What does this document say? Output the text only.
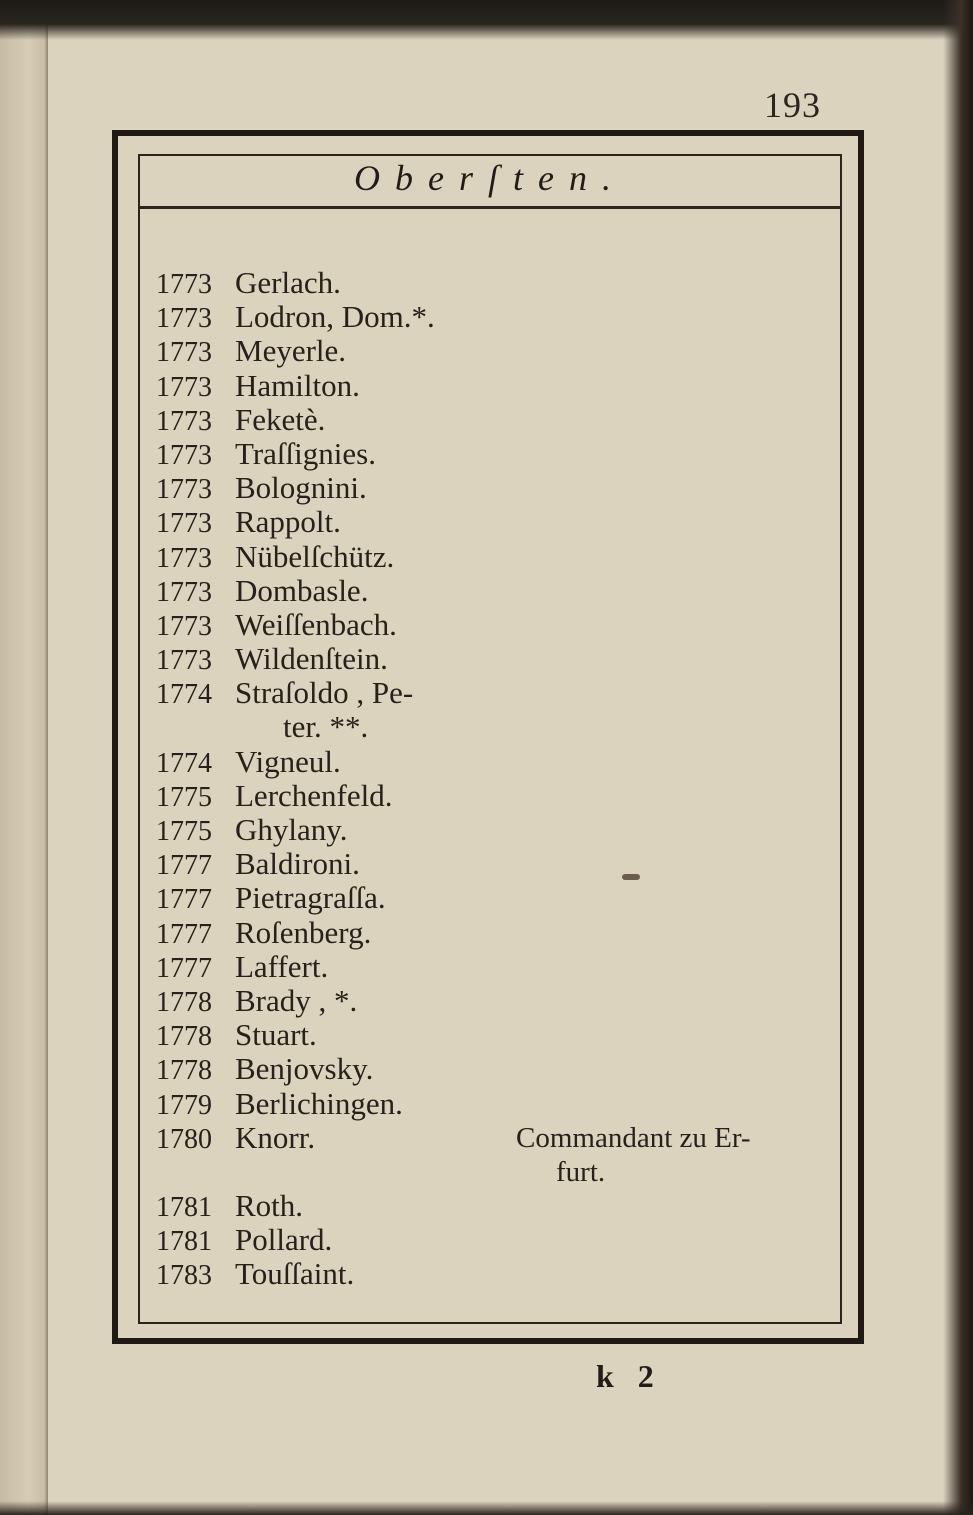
193
Oberſten.
1773 Gerlach.
1773 Lodron, Dom.*.
1773 Meyerle.
1773 Hamilton.
1773 Feketè.
1773 Traſſignies.
1773 Bolognini.
1773 Rappolt.
1773 Nübelſchütz.
1773 Dombasle.
1773 Weiſſenbach.
1773 Wildenſtein.
1774 Straſoldo , Pe-
ter. **.
1774 Vigneul.
1775 Lerchenfeld.
1775 Ghylany.
1777 Baldironi.
1777 Pietragraſſa.
1777 Roſenberg.
1777 Laffert.
1778 Brady , *.
1778 Stuart.
1778 Benjovsky.
1779 Berlichingen.
1780 Knorr.	Commandant zu Er-
furt.
1781 Roth.
1781 Pollard.
1783 Touſſaint.
k 2
